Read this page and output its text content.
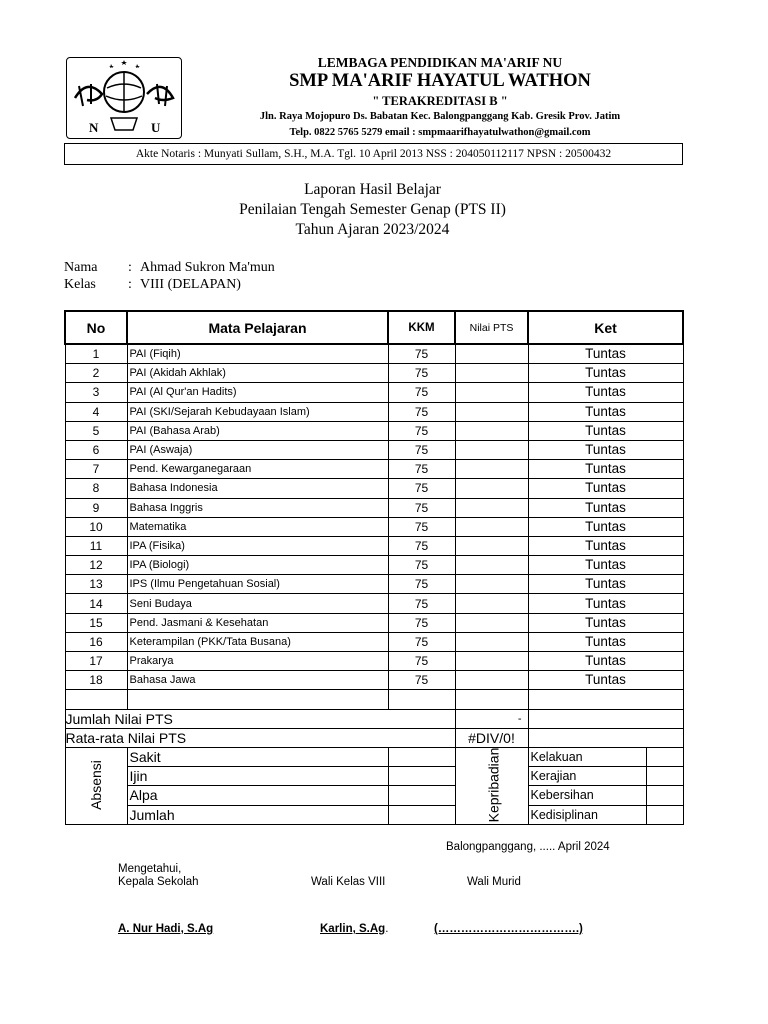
N	U
LEMBAGA PENDIDIKAN MA'ARIF NU
SMP MA'ARIF HAYATUL WATHON
" TERAKREDITASI B "
Jln. Raya Mojopuro Ds. Babatan Kec. Balongpanggang Kab. Gresik Prov. Jatim
Telp. 0822 5765 5279 email : smpmaarifhayatulwathon@gmail.com
Akte Notaris : Munyati Sullam, S.H., M.A. Tgl. 10 April 2013 NSS : 204050112117 NPSN : 20500432
Laporan Hasil Belajar
Penilaian Tengah Semester Genap (PTS II)
Tahun Ajaran 2023/2024
Nama : Ahmad Sukron Ma'mun
Kelas : VIII (DELAPAN)
No	Mata Pelajaran	KKM	Nilai PTS	Ket	
1	PAI (Fiqih)	75		Tuntas	
2	PAI (Akidah Akhlak)	75		Tuntas	
3	PAI (Al Qur'an Hadits)	75		Tuntas	
4	PAI (SKI/Sejarah Kebudayaan Islam)	75		Tuntas	
5	PAI (Bahasa Arab)	75		Tuntas	
6	PAI (Aswaja)	75		Tuntas	
7	Pend. Kewarganegaraan	75		Tuntas	
8	Bahasa Indonesia	75		Tuntas	
9	Bahasa Inggris	75		Tuntas	
10	Matematika	75		Tuntas	
11	IPA (Fisika)	75		Tuntas	
12	IPA (Biologi)	75		Tuntas	
13	IPS (Ilmu Pengetahuan Sosial)	75		Tuntas	
14	Seni Budaya	75		Tuntas	
15	Pend. Jasmani & Kesehatan	75		Tuntas	
16	Keterampilan (PKK/Tata Busana)	75		Tuntas	
17	Prakarya	75		Tuntas	
18	Bahasa Jawa	75		Tuntas	

Jumlah Nilai PTS			-		
Rata-rata Nilai PTS			#DIV/0!		
Absensi	Sakit		Kepribadian	Kelakuan	
	Ijin			Kerajian	
	Alpa			Kebersihan	
	Jumlah			Kedisiplinan	
Balongpanggang, ..... April 2024
Mengetahui,
Kepala Sekolah	Wali Kelas VIII	Wali Murid
A. Nur Hadi, S.Ag	Karlin, S.Ag.	(……………………………….)
